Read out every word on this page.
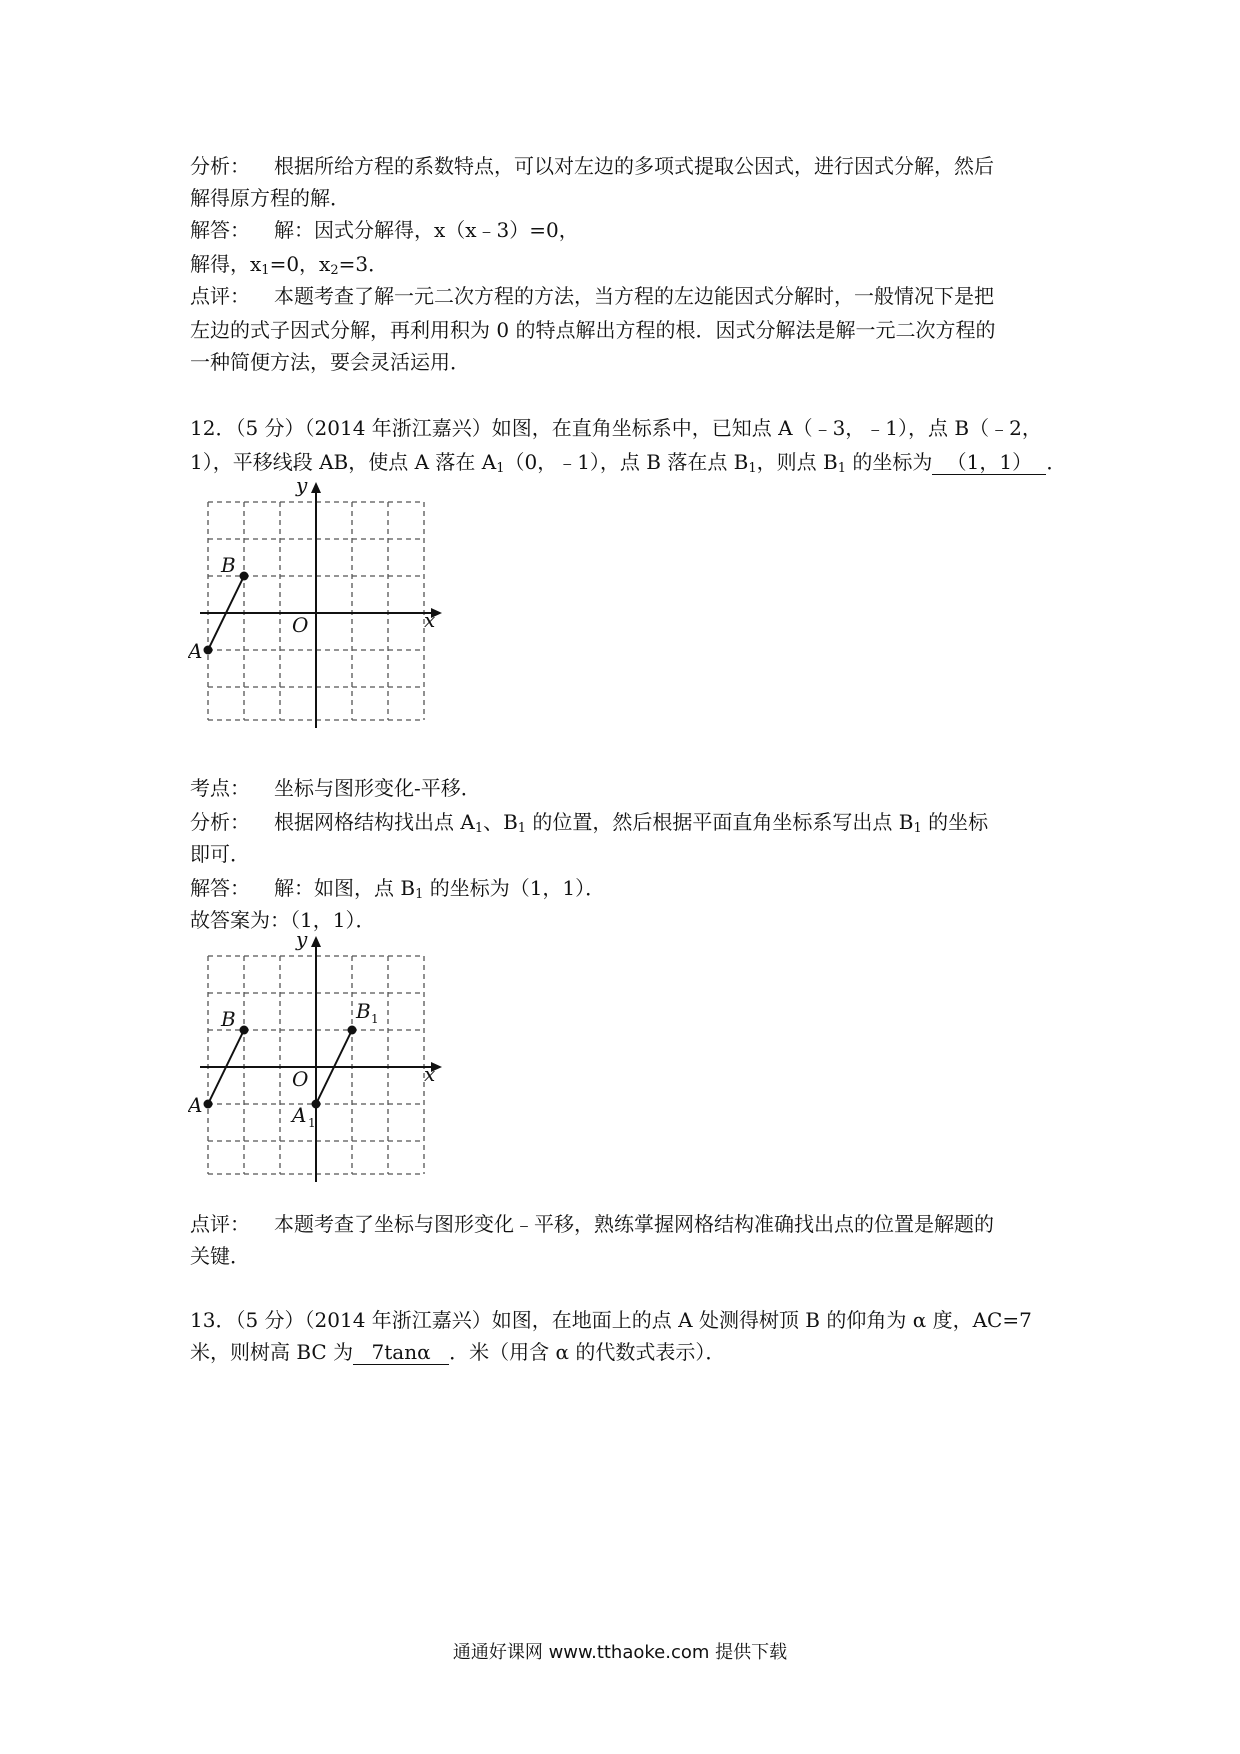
分析： 根据所给方程的系数特点，可以对左边的多项式提取公因式，进行因式分解，然后
解得原方程的解．
解答： 解：因式分解得，x（x﹣3）=0，
解得，$x_1=0$，$x_2=3$．
点评： 本题考查了解一元二次方程的方法，当方程的左边能因式分解时，一般情况下是把
左边的式子因式分解，再利用积为 0 的特点解出方程的根．因式分解法是解一元二次方程的
一种简便方法，要会灵活运用．
12．（5 分）（2014 年浙江嘉兴）如图，在直角坐标系中，已知点 A（﹣3，﹣1），点 B（﹣2，
1），平移线段 AB，使点 A 落在 $A_1(0$，﹣1），点 B 落在点 $B_1$，则点 $B_1$ 的坐标为 （1，1） ．
y
x
O
A
B
考点： 坐标与图形变化-平移．
分析： 根据网格结构找出点 $A_1$、$B_1$ 的位置，然后根据平面直角坐标系写出点 $B_1$ 的坐标
即可．
解答： 解：如图，点 $B_1$ 的坐标为（1，1）．
故答案为：（1，1）．
y
x
O
A
B
A 1
B 1
点评： 本题考查了坐标与图形变化﹣平移，熟练掌握网格结构准确找出点的位置是解题的
关键．
13．（5 分）（2014 年浙江嘉兴）如图，在地面上的点 A 处测得树顶 B 的仰角为 α 度，AC=7
米，则树高 BC 为 7tanα ．米（用含 α 的代数式表示）．
通通好课网 www.tthaoke.com 提供下载
